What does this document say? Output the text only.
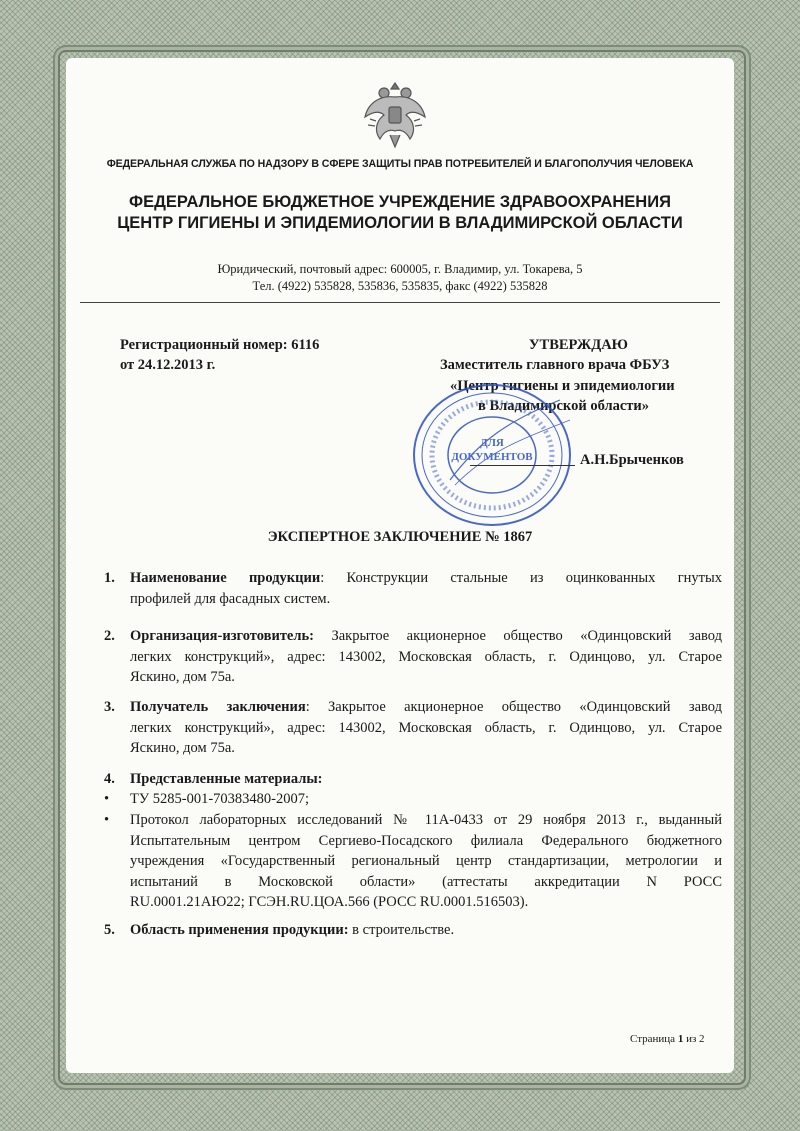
ФЕДЕРАЛЬНАЯ СЛУЖБА ПО НАДЗОРУ В СФЕРЕ ЗАЩИТЫ ПРАВ ПОТРЕБИТЕЛЕЙ И БЛАГОПОЛУЧИЯ ЧЕЛОВЕКА
ФЕДЕРАЛЬНОЕ БЮДЖЕТНОЕ УЧРЕЖДЕНИЕ ЗДРАВООХРАНЕНИЯ
ЦЕНТР ГИГИЕНЫ И ЭПИДЕМИОЛОГИИ В ВЛАДИМИРСКОЙ ОБЛАСТИ
Юридический, почтовый адрес: 600005, г. Владимир, ул. Токарева, 5
Тел. (4922) 535828, 535836, 535835, факс (4922) 535828
Регистрационный номер: 6116
от 24.12.2013 г.
УТВЕРЖДАЮ
Заместитель главного врача ФБУЗ
«Центр гигиены и эпидемиологии
в Владимирской области»
ДЛЯ
ДОКУМЕНТОВ	А.Н.Брыченков
ЭКСПЕРТНОЕ ЗАКЛЮЧЕНИЕ № 1867
1. Наименование продукции: Конструкции стальные из оцинкованных гнутых
профилей для фасадных систем.
2. Организация-изготовитель: Закрытое акционерное общество «Одинцовский завод
легких конструкций», адрес: 143002, Московская область, г. Одинцово, ул. Старое
Яскино, дом 75а.
3. Получатель заключения: Закрытое акционерное общество «Одинцовский завод
легких конструкций», адрес: 143002, Московская область, г. Одинцово, ул. Старое
Яскино, дом 75а.
4. Представленные материалы:
• ТУ 5285-001-70383480-2007;
• Протокол лабораторных исследований № 11А-0433 от 29 ноября 2013 г., выданный
Испытательным центром Сергиево-Посадского филиала Федерального бюджетного
учреждения «Государственный региональный центр стандартизации, метрологии и
испытаний в Московской области» (аттестаты аккредитации N РОСС
RU.0001.21АЮ22; ГСЭН.RU.ЦОА.566 (РОСС RU.0001.516503).
5. Область применения продукции: в строительстве.
Страница 1 из 2
